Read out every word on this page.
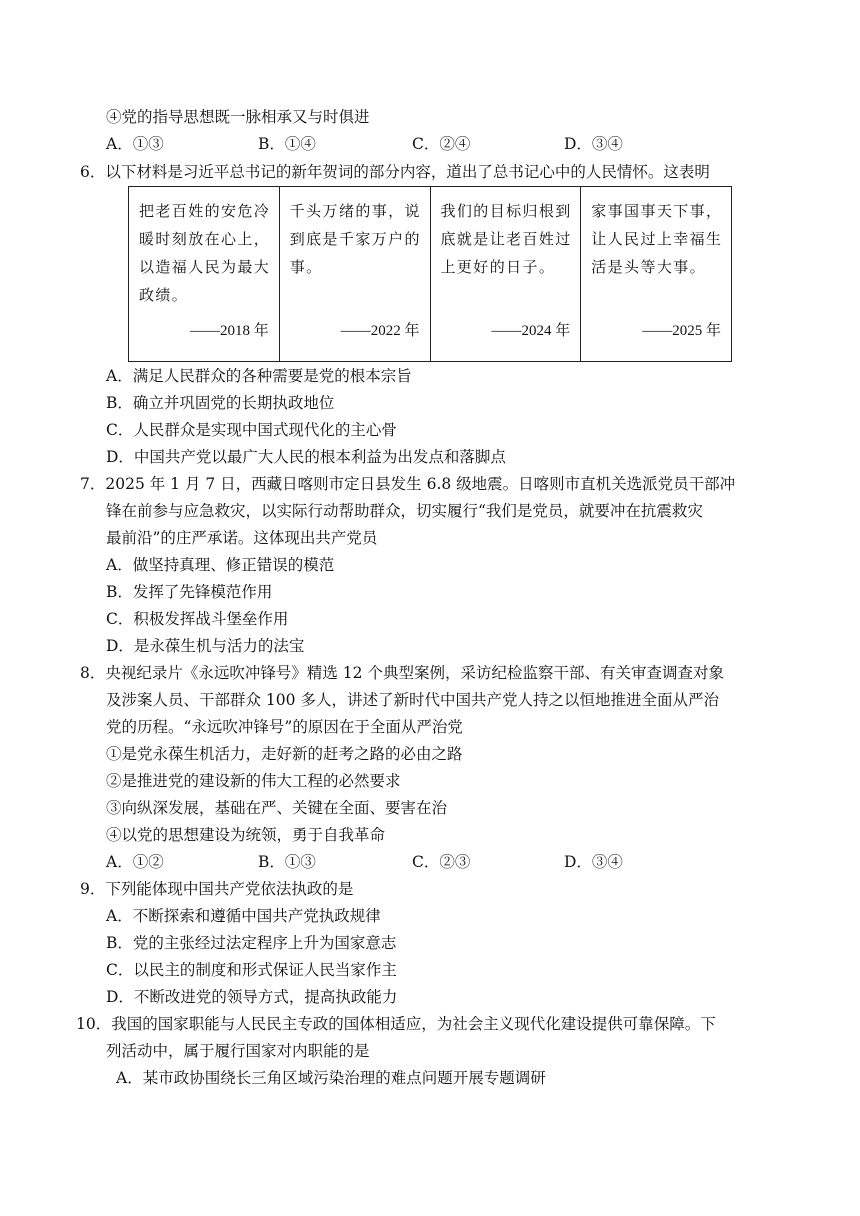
④党的指导思想既一脉相承又与时俱进
A．①③	B．①④	C．②④	D．③④
6．以下材料是习近平总书记的新年贺词的部分内容，道出了总书记心中的人民情怀。这表明
把老百姓的安危冷暖时刻放在心上，以造福人民为最大政绩。
——2018 年

千头万绪的事，说到底是千家万户的事。
——2022 年

我们的目标归根到底就是让老百姓过上更好的日子。
——2024 年

家事国事天下事，让人民过上幸福生活是头等大事。
——2025 年
A．满足人民群众的各种需要是党的根本宗旨
B．确立并巩固党的长期执政地位
C．人民群众是实现中国式现代化的主心骨
D．中国共产党以最广大人民的根本利益为出发点和落脚点
7．2025 年 1 月 7 日，西藏日喀则市定日县发生 6.8 级地震。日喀则市直机关选派党员干部冲
锋在前参与应急救灾，以实际行动帮助群众，切实履行“我们是党员，就要冲在抗震救灾
最前沿”的庄严承诺。这体现出共产党员
A．做坚持真理、修正错误的模范
B．发挥了先锋模范作用
C．积极发挥战斗堡垒作用
D．是永葆生机与活力的法宝
8．央视纪录片《永远吹冲锋号》精选 12 个典型案例，采访纪检监察干部、有关审查调查对象
及涉案人员、干部群众 100 多人，讲述了新时代中国共产党人持之以恒地推进全面从严治
党的历程。“永远吹冲锋号”的原因在于全面从严治党
①是党永葆生机活力，走好新的赶考之路的必由之路
②是推进党的建设新的伟大工程的必然要求
③向纵深发展，基础在严、关键在全面、要害在治
④以党的思想建设为统领，勇于自我革命
A．①②	B．①③	C．②③	D．③④
9．下列能体现中国共产党依法执政的是
A．不断探索和遵循中国共产党执政规律
B．党的主张经过法定程序上升为国家意志
C．以民主的制度和形式保证人民当家作主
D．不断改进党的领导方式，提高执政能力
10．我国的国家职能与人民民主专政的国体相适应，为社会主义现代化建设提供可靠保障。下
列活动中，属于履行国家对内职能的是
A．某市政协围绕长三角区域污染治理的难点问题开展专题调研
